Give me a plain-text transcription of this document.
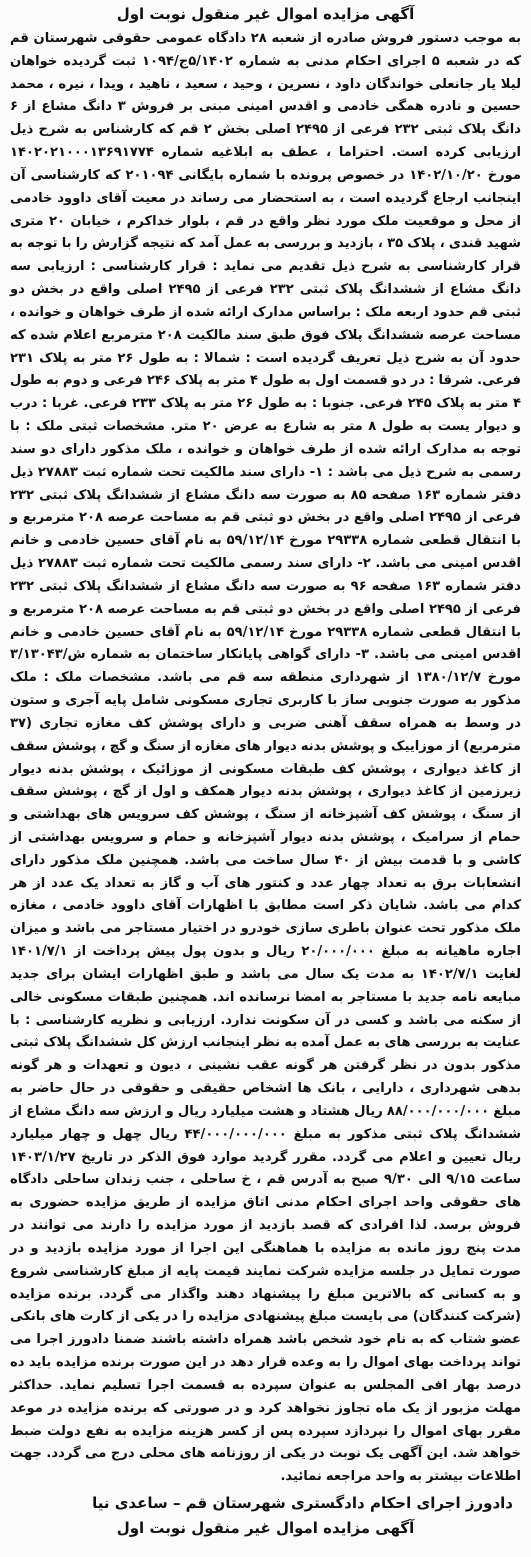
آگهی مزایده اموال غیر منقول نوبت اول

به موجب دستور فروش صادره از شعبه ۲۸ دادگاه عمومی حقوقی شهرستان قم که در شعبه ۵ اجرای احکام مدنی به شماره ۵/۱۴۰۲ج/۱۰۹۴ ثبت گردیده خواهان لیلا یار جانعلی خواندگان داود ، نسرین ، وحید ، سعید ، ناهید ، ویدا ، نیره ، محمد حسین و نادره همگی خادمی و اقدس امینی مبنی بر فروش ۳ دانگ مشاع از ۶ دانگ پلاک ثبتی ۲۳۲ فرعی از ۲۴۹۵ اصلی بخش ۲ قم که کارشناس به شرح ذیل ارزیابی کرده است. احتراما ، عطف به ابلاغیه شماره ۱۴۰۲۰۲۱۰۰۰۱۳۶۹۱۷۷۴ مورخ ۱۴۰۲/۱۰/۲۰ در خصوص پرونده با شماره بایگانی ۲۰۱۰۹۴ که کارشناسی آن اینجانب ارجاع گردیده است ، به استحضار می رساند در معیت آقای داوود خادمی از محل و موقعیت ملک مورد نظر واقع در قم ، بلوار خداکرم ، خیابان ۲۰ متری شهید قندی ، پلاک ۳۵ ، بازدید و بررسی به عمل آمد که نتیجه گزارش را با توجه به قرار کارشناسی به شرح ذیل تقدیم می نماید : قرار کارشناسی : ارزیابی سه دانگ مشاع از ششدانگ پلاک ثبتی ۲۳۲ فرعی از ۲۴۹۵ اصلی واقع در بخش دو ثبتی قم حدود اربعه ملک : براساس مدارک ارائه شده از طرف خواهان و خوانده ، مساحت عرصه ششدانگ پلاک فوق طبق سند مالکیت ۲۰۸ مترمربع اعلام شده که حدود آن به شرح ذیل تعریف گردیده است : شمالا : به طول ۲۶ متر به پلاک ۲۳۱ فرعی. شرقا : در دو قسمت اول به طول ۴ متر به پلاک ۲۴۶ فرعی و دوم به طول ۴ متر به پلاک ۲۴۵ فرعی. جنوبا : به طول ۲۶ متر به پلاک ۲۳۳ فرعی. غربا : درب و دیوار یست به طول ۸ متر به شارع به عرض ۲۰ متر. مشخصات ثبتی ملک : با توجه به مدارک ارائه شده از طرف خواهان و خوانده ، ملک مذکور دارای دو سند رسمی به شرح ذیل می باشد : ۱- دارای سند مالکیت تحت شماره ثبت ۲۷۸۸۳ ذیل دفتر شماره ۱۶۳ صفحه ۸۵ به صورت سه دانگ مشاع از ششدانگ پلاک ثبتی ۲۳۲ فرعی از ۲۴۹۵ اصلی واقع در بخش دو ثبتی قم به مساحت عرصه ۲۰۸ مترمربع و با انتقال قطعی شماره ۲۹۳۳۸ مورخ ۵۹/۱۲/۱۴ به نام آقای حسین خادمی و خانم اقدس امینی می باشد. ۲- دارای سند رسمی مالکیت تحت شماره ثبت ۲۷۸۸۳ ذیل دفتر شماره ۱۶۳ صفحه ۹۶ به صورت سه دانگ مشاع از ششدانگ پلاک ثبتی ۲۳۲ فرعی از ۲۴۹۵ اصلی واقع در بخش دو ثبتی قم به مساحت عرصه ۲۰۸ مترمربع و با انتقال قطعی شماره ۲۹۳۳۸ مورخ ۵۹/۱۲/۱۴ به نام آقای حسین خادمی و خانم اقدس امینی می باشد. ۳- دارای گواهی پایانکار ساختمان به شماره ش/۳/۱۳۰۴۳ مورخ ۱۳۸۰/۱۲/۷ از شهرداری منطقه سه قم می باشد. مشخصات ملک : ملک مذکور به صورت جنوبی ساز با کاربری تجاری مسکونی شامل پایه آجری و ستون در وسط به همراه سقف آهنی ضربی و دارای پوشش کف مغازه تجاری (۳۷ مترمربع) از موزاییک و پوشش بدنه دیوار های مغازه از سنگ و گچ ، پوشش سقف از کاغذ دیواری ، پوشش کف طبقات مسکونی از موزائیک ، پوشش بدنه دیوار زیرزمین از کاغذ دیواری ، پوشش بدنه دیوار همکف و اول از گچ ، پوشش سقف از سنگ ، پوشش کف آشپزخانه از سنگ ، پوشش کف سرویس های بهداشتی و حمام از سرامیک ، پوشش بدنه دیوار آشپزخانه و حمام و سرویس بهداشتی از کاشی و با قدمت بیش از ۴۰ سال ساخت می باشد. همچنین ملک مذکور دارای انشعابات برق به تعداد چهار عدد و کنتور های آب و گاز به تعداد یک عدد از هر کدام می باشد. شایان ذکر است مطابق با اظهارات آقای داوود خادمی ، مغازه ملک مذکور تحت عنوان باطری سازی خودرو در اختیار مستاجر می باشد و میزان اجاره ماهیانه به مبلغ ۲۰/۰۰۰/۰۰۰ ریال و بدون پول پیش پرداخت از ۱۴۰۱/۷/۱ لغایت ۱۴۰۲/۷/۱ به مدت یک سال می باشد و طبق اظهارات ایشان برای جدید مبایعه نامه جدید با مستاجر به امضا نرسانده اند. همچنین طبقات مسکونی خالی از سکنه می باشد و کسی در آن سکونت ندارد. ارزیابی و نظریه کارشناسی : با عنایت به بررسی های به عمل آمده به نظر اینجانب ارزش کل ششدانگ پلاک ثبتی مذکور بدون در نظر گرفتن هر گونه عقب نشینی ، دیون و تعهدات و هر گونه بدهی شهرداری ، دارایی ، بانک ها اشخاص حقیقی و حقوقی در حال حاضر به مبلغ ۸۸/۰۰۰/۰۰۰/۰۰۰ ریال هشتاد و هشت میلیارد ریال و ارزش سه دانگ مشاع از ششدانگ پلاک ثبتی مذکور به مبلغ ۴۴/۰۰۰/۰۰۰/۰۰۰ ریال چهل و چهار میلیارد ریال تعیین و اعلام می گردد. مقرر گردید موارد فوق الذکر در تاریخ ۱۴۰۳/۱/۲۷ ساعت ۹/۱۵ الی ۹/۳۰ صبح به آدرس قم ، خ ساحلی ، جنب زندان ساحلی دادگاه های حقوقی واحد اجرای احکام مدنی اتاق مزایده از طریق مزایده حضوری به فروش برسد. لذا افرادی که قصد بازدید از مورد مزایده را دارند می توانند در مدت پنج روز مانده به مزایده با هماهنگی این اجرا از مورد مزایده بازدید و در صورت تمایل در جلسه مزایده شرکت نمایند قیمت پایه از مبلغ کارشناسی شروع و به کسانی که بالاترین مبلغ را پیشنهاد دهند واگذار می گردد. برنده مزایده (شرکت کنندگان) می بایست مبلغ پیشنهادی مزایده را در یکی از کارت های بانکی عضو شتاب که به نام خود شخص باشد همراه داشته باشند ضمنا دادورز اجرا می تواند پرداخت بهای اموال را به وعده قرار دهد در این صورت برنده مزایده باید ده درصد بهار افی المجلس به عنوان سپرده به قسمت اجرا تسلیم نماید. حداکثر مهلت مزبور از یک ماه تجاوز نخواهد کرد و در صورتی که برنده مزایده در موعد مقرر بهای اموال را نپردازد سپرده پس از کسر هزینه مزایده به نفع دولت ضبط خواهد شد. این آگهی یک نوبت در یکی از روزنامه های محلی درج می گردد. جهت اطلاعات بیشتر به واحد مراجعه نمائید.

دادورز اجرای احکام دادگستری شهرستان قم – ساعدی نیا
آگهی مزایده اموال غیر منقول نوبت اول
